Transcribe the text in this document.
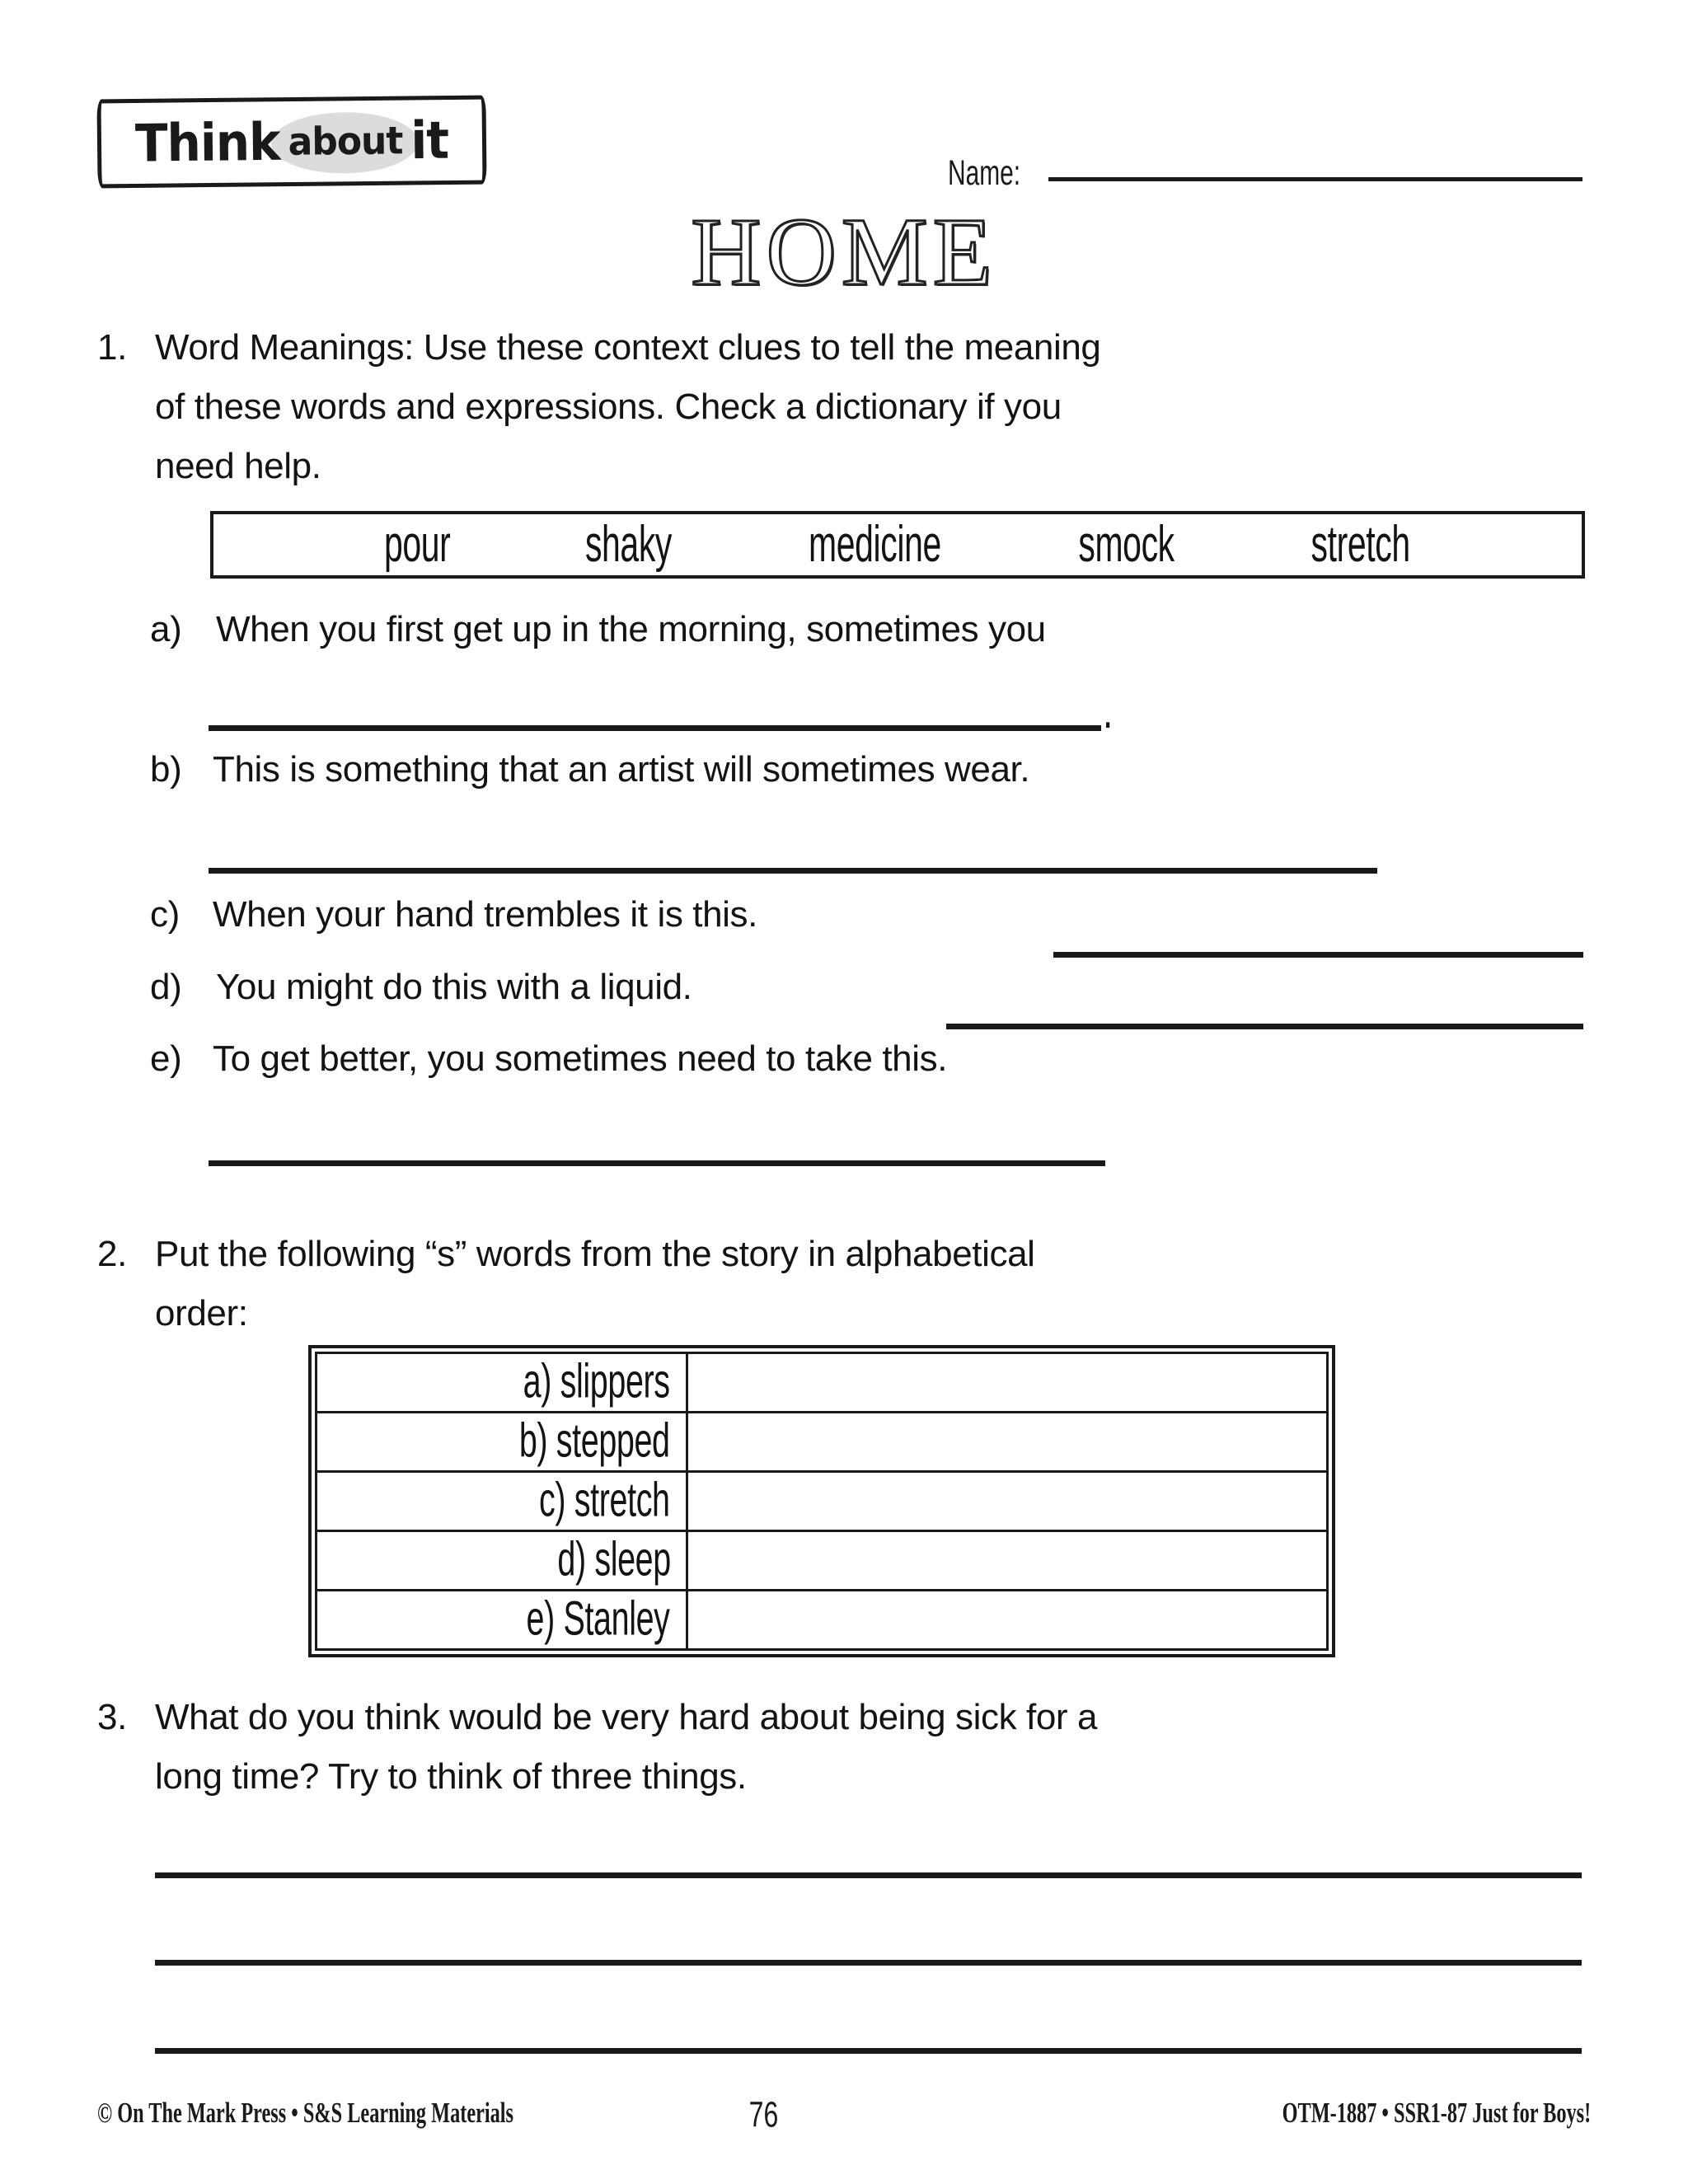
Think about it
Name:
HOME
1. Word Meanings: Use these context clues to tell the meaning
of these words and expressions. Check a dictionary if you
need help.
pour	shaky	medicine	smock	stretch
a) When you first get up in the morning, sometimes you
.
b) This is something that an artist will sometimes wear.
c) When your hand trembles it is this.
d) You might do this with a liquid.
e) To get better, you sometimes need to take this.
2. Put the following “s” words from the story in alphabetical
order:
a) slippers	
b) stepped	
c) stretch	
d) sleep	
e) Stanley	
3. What do you think would be very hard about being sick for a
long time? Try to think of three things.
© On The Mark Press • S&S Learning Materials	76	OTM-1887 • SSR1-87 Just for Boys!
